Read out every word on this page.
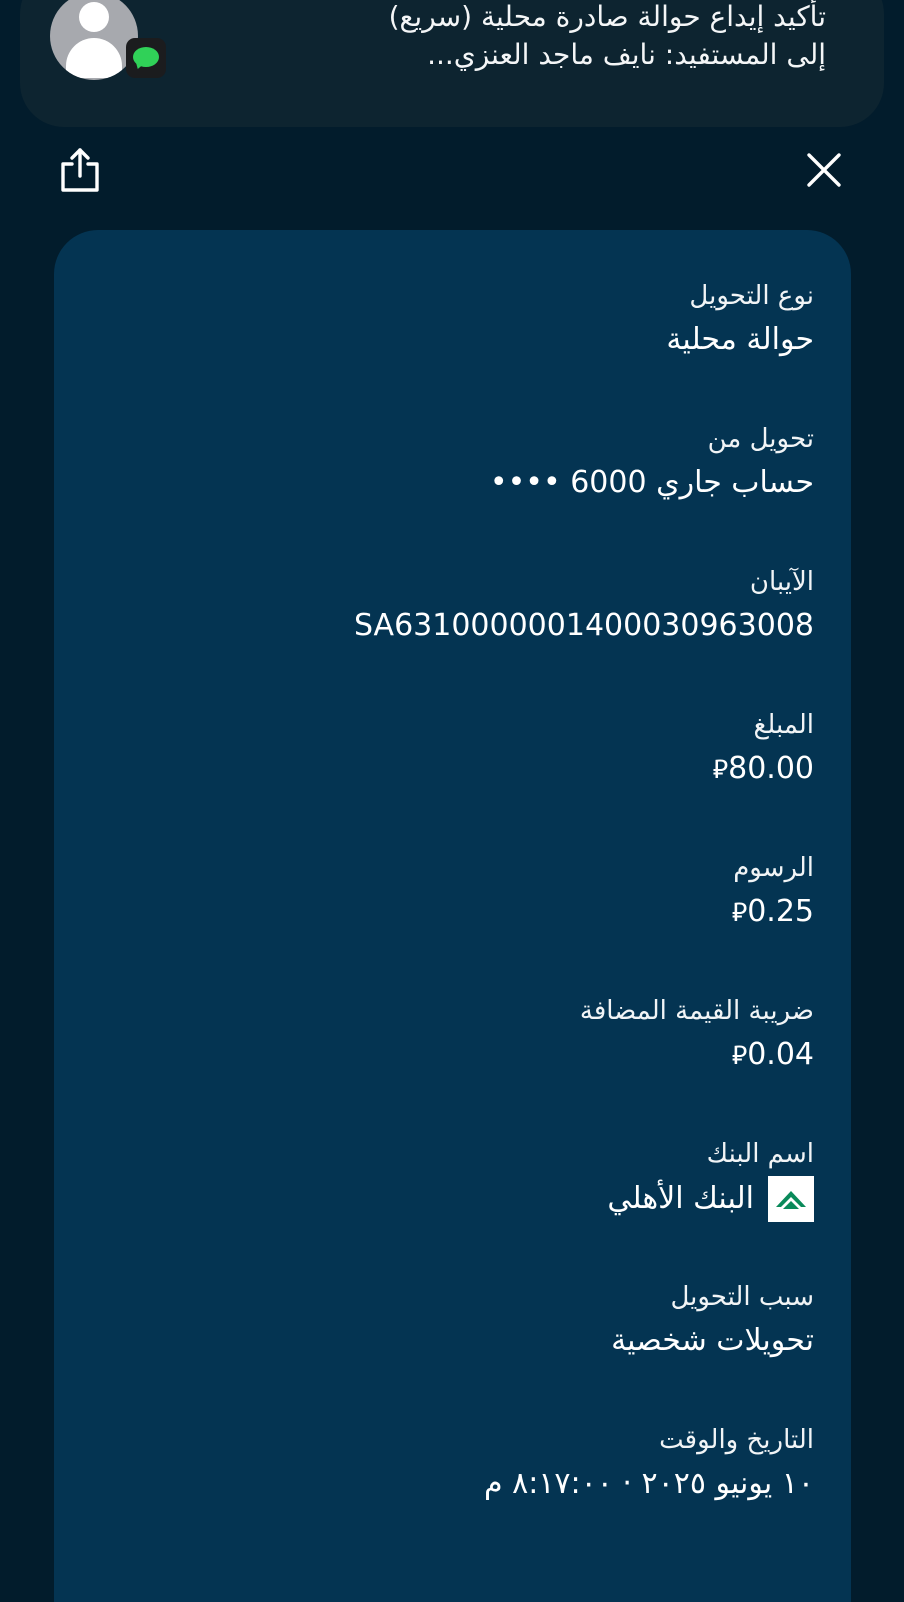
تأكيد إيداع حوالة صادرة محلية (سريع)
إلى المستفيد: نايف ماجد العنزي...
نوع التحويل
حوالة محلية
تحويل من
حساب جاري •••• 6000
الآيبان
SA6310000001400030963008
المبلغ
80.00⃁
الرسوم
0.25⃁
ضريبة القيمة المضافة
0.04⃁
اسم البنك
البنك الأهلي
سبب التحويل
تحويلات شخصية
التاريخ والوقت
١٠ يونيو ٢٠٢٥ · ٨:١٧:٠٠ م
